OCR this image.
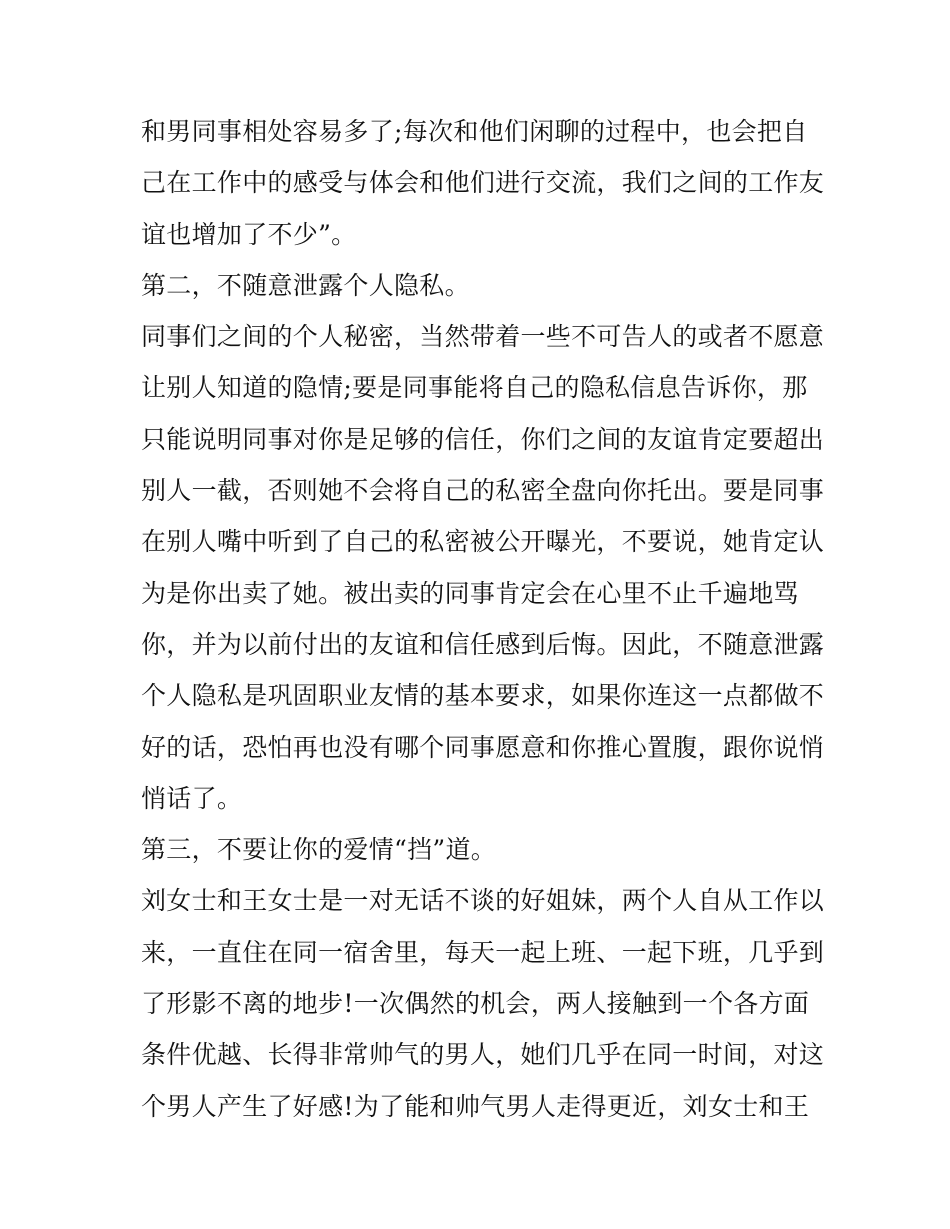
和男同事相处容易多了;每次和他们闲聊的过程中，也会把自
己在工作中的感受与体会和他们进行交流，我们之间的工作友
谊也增加了不少”。
第二，不随意泄露个人隐私。
同事们之间的个人秘密，当然带着一些不可告人的或者不愿意
让别人知道的隐情;要是同事能将自己的隐私信息告诉你，那
只能说明同事对你是足够的信任，你们之间的友谊肯定要超出
别人一截，否则她不会将自己的私密全盘向你托出。要是同事
在别人嘴中听到了自己的私密被公开曝光，不要说，她肯定认
为是你出卖了她。被出卖的同事肯定会在心里不止千遍地骂
你，并为以前付出的友谊和信任感到后悔。因此，不随意泄露
个人隐私是巩固职业友情的基本要求，如果你连这一点都做不
好的话，恐怕再也没有哪个同事愿意和你推心置腹，跟你说悄
悄话了。
第三，不要让你的爱情“挡”道。
刘女士和王女士是一对无话不谈的好姐妹，两个人自从工作以
来，一直住在同一宿舍里，每天一起上班、一起下班，几乎到
了形影不离的地步!一次偶然的机会，两人接触到一个各方面
条件优越、长得非常帅气的男人，她们几乎在同一时间，对这
个男人产生了好感!为了能和帅气男人走得更近，刘女士和王
